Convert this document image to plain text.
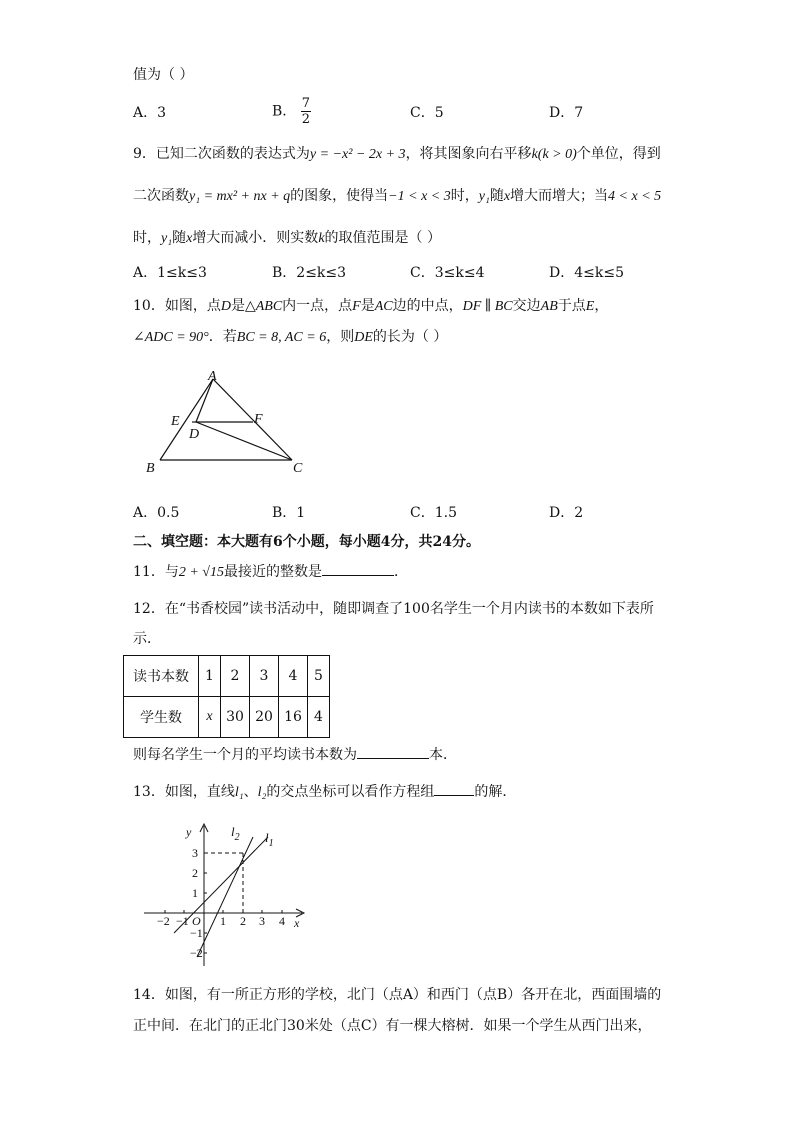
值为（ ）
A．3	B． $\frac{7}{2}$	C．5	D．7
9．已知二次函数的表达式为y = −x² − 2x + 3，将其图象向右平移k(k > 0)个单位，得到
二次函数y₁ = mx² + nx + q的图象，使得当−1 < x < 3时，y₁随x增大而增大；当4 < x < 5
时，y₁随x增大而减小．则实数k的取值范围是（ ）
A．1≤k≤3	B．2≤k≤3	C．3≤k≤4	D．4≤k≤5
10．如图，点D是△ABC内一点，点F是AC边的中点，DF ∥ BC交边AB于点E，
∠ADC = 90°．若BC = 8, AC = 6，则DE的长为（ ）
A
B	C
D
E	F
A．0.5	B．1	C．1.5	D．2
二、填空题：本大题有6个小题，每小题4分，共24分。
11．与2 + √15最接近的整数是	．
12．在“书香校园”读书活动中，随即调查了100名学生一个月内读书的本数如下表所
示．
读书本数	1	2	3	4	5
学生数	x	30	20	16	4
则每名学生一个月的平均读书本数为	本．
13．如图，直线l₁、l₂的交点坐标可以看作方程组	的解．
y
x
O
$l_2$ $l_1$
−2 −1	1 2 3 4
3
2
1
−1
−2
14．如图，有一所正方形的学校，北门（点A）和西门（点B）各开在北，西面围墙的
正中间．在北门的正北门30米处（点C）有一棵大榕树．如果一个学生从西门出来，
